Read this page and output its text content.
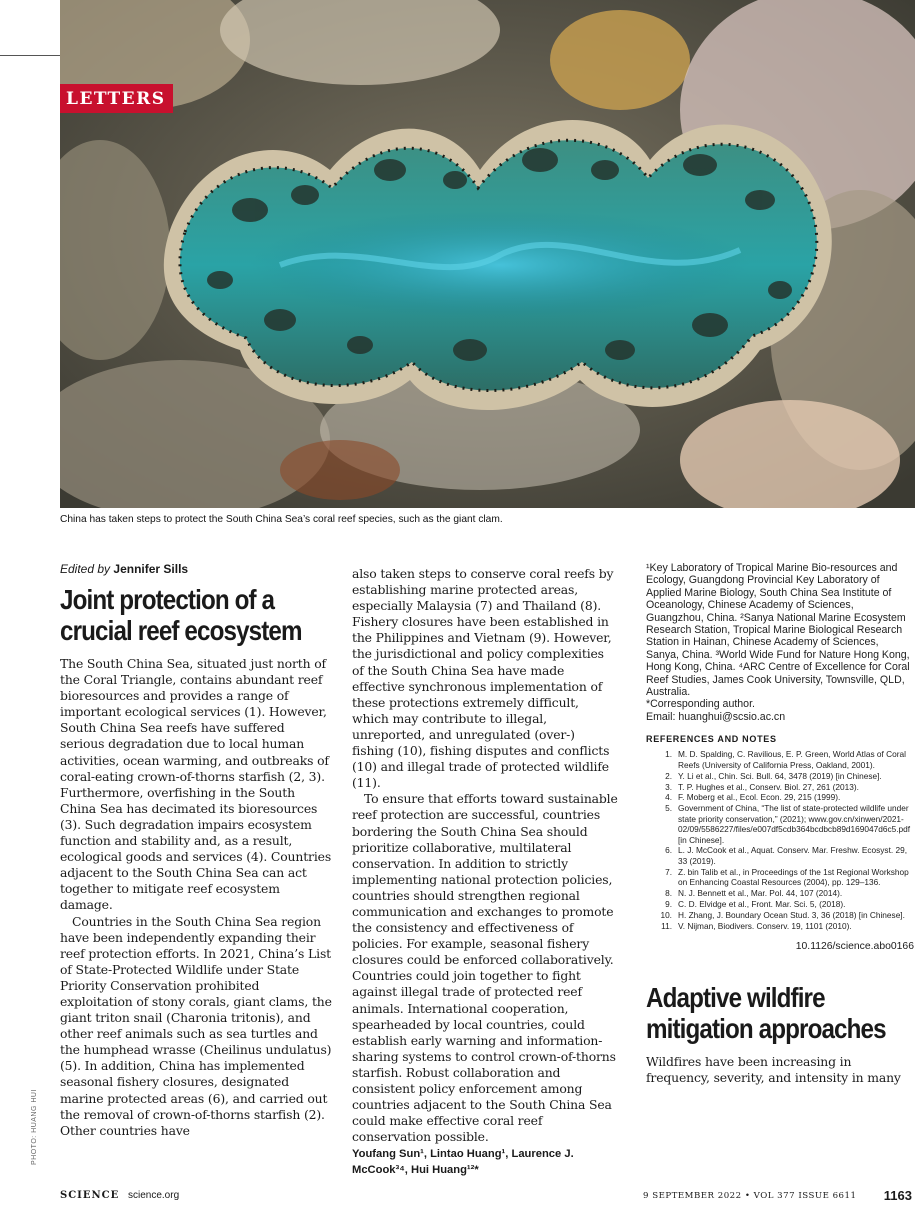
LETTERS
China has taken steps to protect the South China Sea’s coral reef species, such as the giant clam.
PHOTO: HUANG HUI
Edited by Jennifer Sills
Joint protection of a crucial reef ecosystem

The South China Sea, situated just north of the Coral Triangle, contains abundant reef bioresources and provides a range of important ecological services (1). However, South China Sea reefs have suffered serious degradation due to local human activities, ocean warming, and outbreaks of coral-eating crown-of-thorns starfish (2, 3). Furthermore, overfishing in the South China Sea has decimated its bioresources (3). Such degradation impairs ecosystem function and stability and, as a result, ecological goods and services (4). Countries adjacent to the South China Sea can act together to mitigate reef ecosystem damage.

Countries in the South China Sea region have been independently expanding their reef protection efforts. In 2021, China’s List of State-Protected Wildlife under State Priority Conservation prohibited exploitation of stony corals, giant clams, the giant triton snail (Charonia tritonis), and other reef animals such as sea turtles and the humphead wrasse (Cheilinus undulatus) (5). In addition, China has implemented seasonal fishery closures, designated marine protected areas (6), and carried out the removal of crown-of-thorns starfish (2). Other countries have

also taken steps to conserve coral reefs by establishing marine protected areas, especially Malaysia (7) and Thailand (8). Fishery closures have been established in the Philippines and Vietnam (9). However, the jurisdictional and policy complexities of the South China Sea have made effective synchronous implementation of these protections extremely difficult, which may contribute to illegal, unreported, and unregulated (over-) fishing (10), fishing disputes and conflicts (10) and illegal trade of protected wildlife (11).

To ensure that efforts toward sustainable reef protection are successful, countries bordering the South China Sea should prioritize collaborative, multilateral conservation. In addition to strictly implementing national protection policies, countries should strengthen regional communication and exchanges to promote the consistency and effectiveness of policies. For example, seasonal fishery closures could be enforced collaboratively. Countries could join together to fight against illegal trade of protected reef animals. International cooperation, spearheaded by local countries, could establish early warning and information-sharing systems to control crown-of-thorns starfish. Robust collaboration and consistent policy enforcement among countries adjacent to the South China Sea could make effective coral reef conservation possible.

Youfang Sun¹, Lintao Huang¹, Laurence J. McCook³⁴, Hui Huang¹²*
¹Key Laboratory of Tropical Marine Bio-resources and Ecology, Guangdong Provincial Key Laboratory of Applied Marine Biology, South China Sea Institute of Oceanology, Chinese Academy of Sciences, Guangzhou, China. ²Sanya National Marine Ecosystem Research Station, Tropical Marine Biological Research Station in Hainan, Chinese Academy of Sciences, Sanya, China. ³World Wide Fund for Nature Hong Kong, Hong Kong, China. ⁴ARC Centre of Excellence for Coral Reef Studies, James Cook University, Townsville, QLD, Australia.
*Corresponding author.
Email: huanghui@scsio.ac.cn
REFERENCES AND NOTES
1. M. D. Spalding, C. Ravilious, E. P. Green, World Atlas of Coral Reefs (University of California Press, Oakland, 2001).
2. Y. Li et al., Chin. Sci. Bull. 64, 3478 (2019) [in Chinese].
3. T. P. Hughes et al., Conserv. Biol. 27, 261 (2013).
4. F. Moberg et al., Ecol. Econ. 29, 215 (1999).
5. Government of China, “The list of state-protected wildlife under state priority conservation,” (2021); www.gov.cn/xinwen/2021-02/09/5586227/files/e007df5cdb364bcdbcb89d169047d6c5.pdf [in Chinese].
6. L. J. McCook et al., Aquat. Conserv. Mar. Freshw. Ecosyst. 29, 33 (2019).
7. Z. bin Talib et al., in Proceedings of the 1st Regional Workshop on Enhancing Coastal Resources (2004), pp. 129–136.
8. N. J. Bennett et al., Mar. Pol. 44, 107 (2014).
9. C. D. Elvidge et al., Front. Mar. Sci. 5, (2018).
10. H. Zhang, J. Boundary Ocean Stud. 3, 36 (2018) [in Chinese].
11. V. Nijman, Biodivers. Conserv. 19, 1101 (2010).
10.1126/science.abo0166
Adaptive wildfire mitigation approaches

Wildfires have been increasing in frequency, severity, and intensity in many

SCIENCE science.org	9 SEPTEMBER 2022 • VOL 377 ISSUE 6611 1163
